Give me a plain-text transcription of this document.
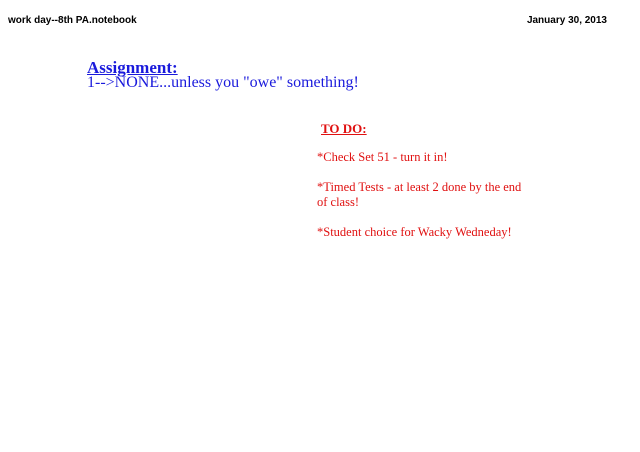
work day--8th PA.notebook	January 30, 2013
Assignment:
1-->NONE...unless you "owe" something!
TO DO:
*Check Set 51 - turn it in!
*Timed Tests - at least 2 done by the end of class!
*Student choice for Wacky Wedneday!
